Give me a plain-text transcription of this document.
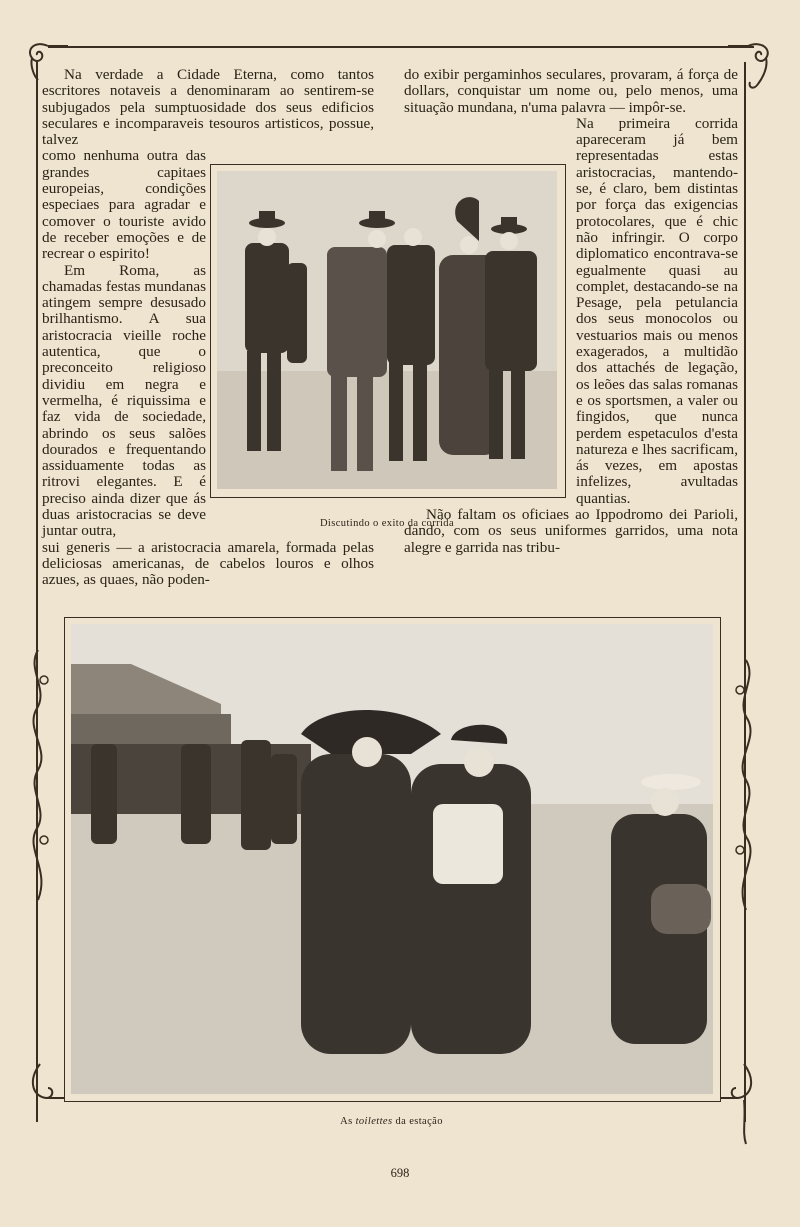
Na verdade a Cidade Eterna, como tantos escritores notaveis a denominaram ao sentirem-se subjugados pela sumptuosidade dos seus edificios seculares e incomparaveis tesouros artisticos, possue, talvez

como nenhuma outra das grandes capitaes europeias, condições especiaes para agradar e comover o touriste avido de receber emoções e de recrear o espirito!

Em Roma, as chamadas festas mundanas atingem sempre desusado brilhantismo. A sua aristocracia vieille roche autentica, que o preconceito religioso dividiu em negra e vermelha, é riquissima e faz vida de sociedade, abrindo os seus salões dourados e frequentando assiduamente todas as ritrovi elegantes. E é preciso ainda dizer que ás duas aristocracias se deve juntar outra,

sui generis — a aristocracia amarela, formada pelas deliciosas americanas, de cabelos louros e olhos azues, as quaes, não poden-

do exibir pergaminhos seculares, provaram, á força de dollars, conquistar um nome ou, pelo menos, uma situação mundana, n'uma palavra — impôr-se.

Na primeira corrida apareceram já bem representadas estas aristocracias, mantendo-se, é claro, bem distintas por força das exigencias protocolares, que é chic não infringir. O corpo diplomatico encontrava-se egualmente quasi au complet, destacando-se na Pesage, pela petulancia dos seus monocolos ou vestuarios mais ou menos exagerados, a multidão dos attachés de legação, os leões das salas romanas e os sportsmen, a valer ou fingidos, que nunca perdem espetaculos d'esta natureza e lhes sacrificam, ás vezes, em apostas infelizes, avultadas quantias.

Não faltam os oficiaes ao Ippodromo dei Parioli, dando, com os seus uniformes garridos, uma nota alegre e garrida nas tribu-

Discutindo o exito da corrida
As toilettes da estação
698
